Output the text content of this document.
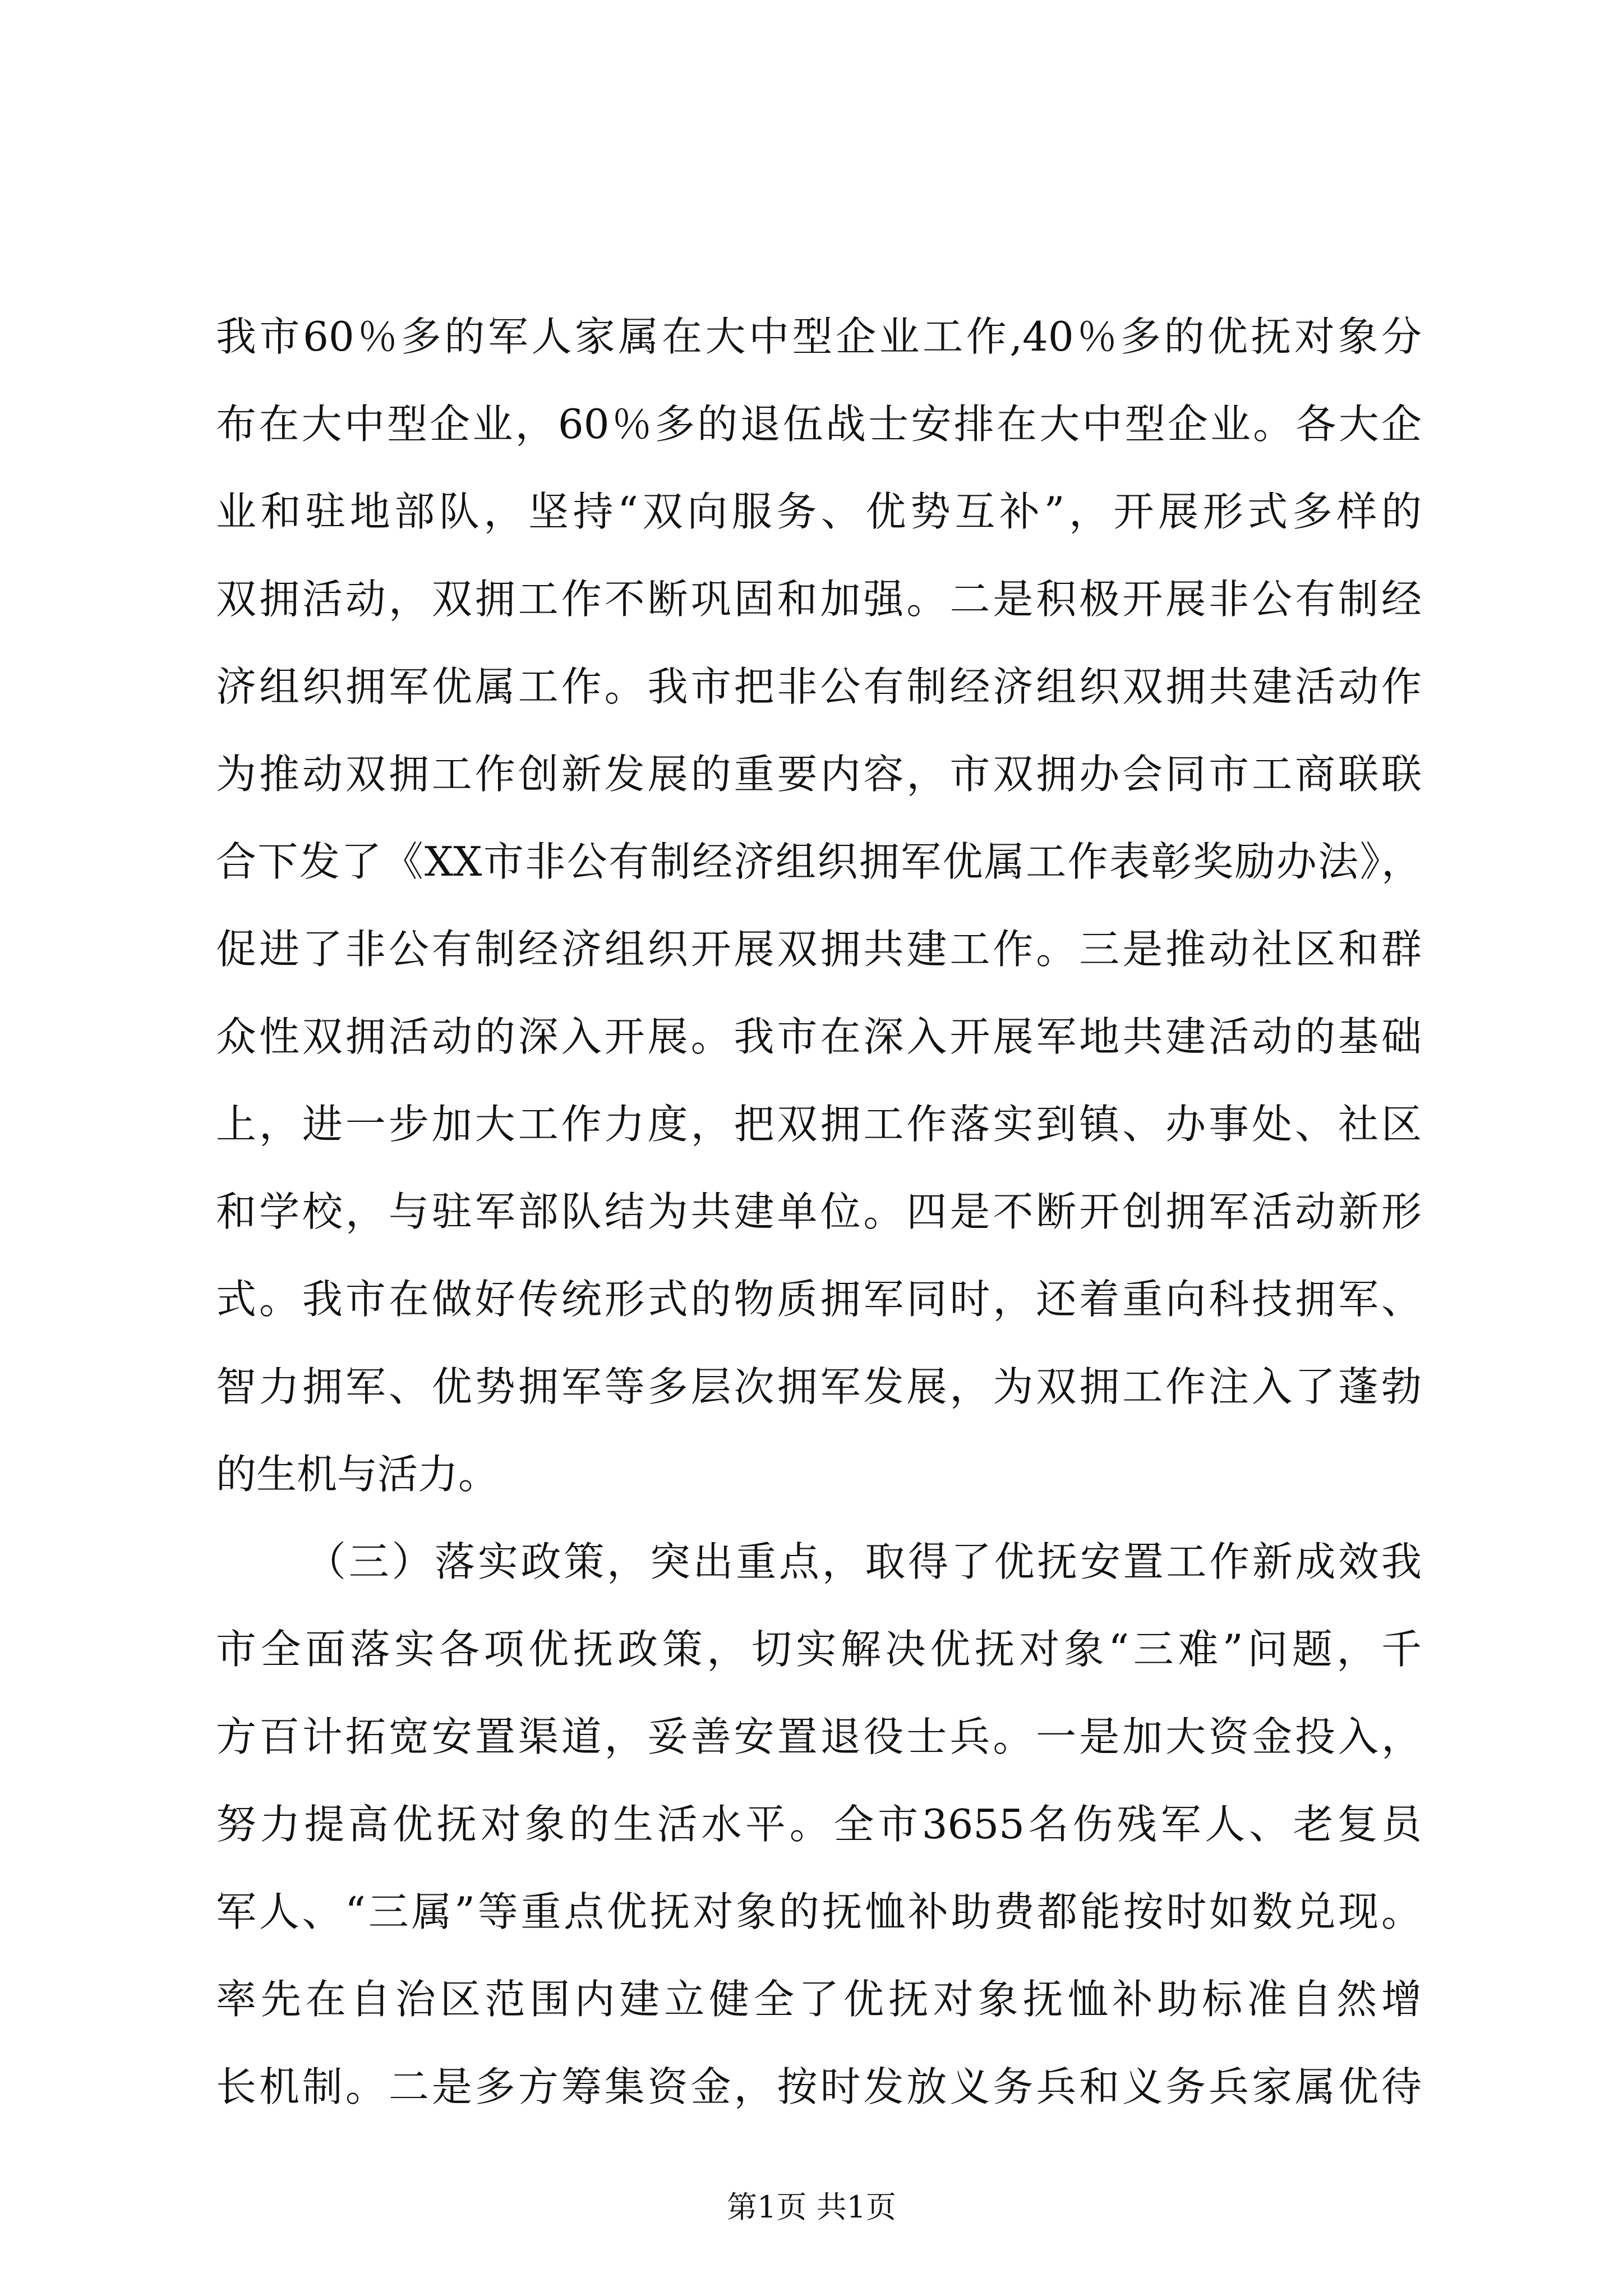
我市60％多的军人家属在大中型企业工作,40％多的优抚对象分
布在大中型企业，60％多的退伍战士安排在大中型企业。各大企
业和驻地部队，坚持“双向服务、优势互补”，开展形式多样的
双拥活动，双拥工作不断巩固和加强。二是积极开展非公有制经
济组织拥军优属工作。我市把非公有制经济组织双拥共建活动作
为推动双拥工作创新发展的重要内容，市双拥办会同市工商联联
合下发了《XX市非公有制经济组织拥军优属工作表彰奖励办法》，
促进了非公有制经济组织开展双拥共建工作。三是推动社区和群
众性双拥活动的深入开展。我市在深入开展军地共建活动的基础
上，进一步加大工作力度，把双拥工作落实到镇、办事处、社区
和学校，与驻军部队结为共建单位。四是不断开创拥军活动新形
式。我市在做好传统形式的物质拥军同时，还着重向科技拥军、
智力拥军、优势拥军等多层次拥军发展，为双拥工作注入了蓬勃
的生机与活力。
（三）落实政策，突出重点，取得了优抚安置工作新成效我
市全面落实各项优抚政策，切实解决优抚对象“三难”问题，千
方百计拓宽安置渠道，妥善安置退役士兵。一是加大资金投入，
努力提高优抚对象的生活水平。全市3655名伤残军人、老复员
军人、“三属”等重点优抚对象的抚恤补助费都能按时如数兑现。
率先在自治区范围内建立健全了优抚对象抚恤补助标准自然增
长机制。二是多方筹集资金，按时发放义务兵和义务兵家属优待
第1页 共1页
